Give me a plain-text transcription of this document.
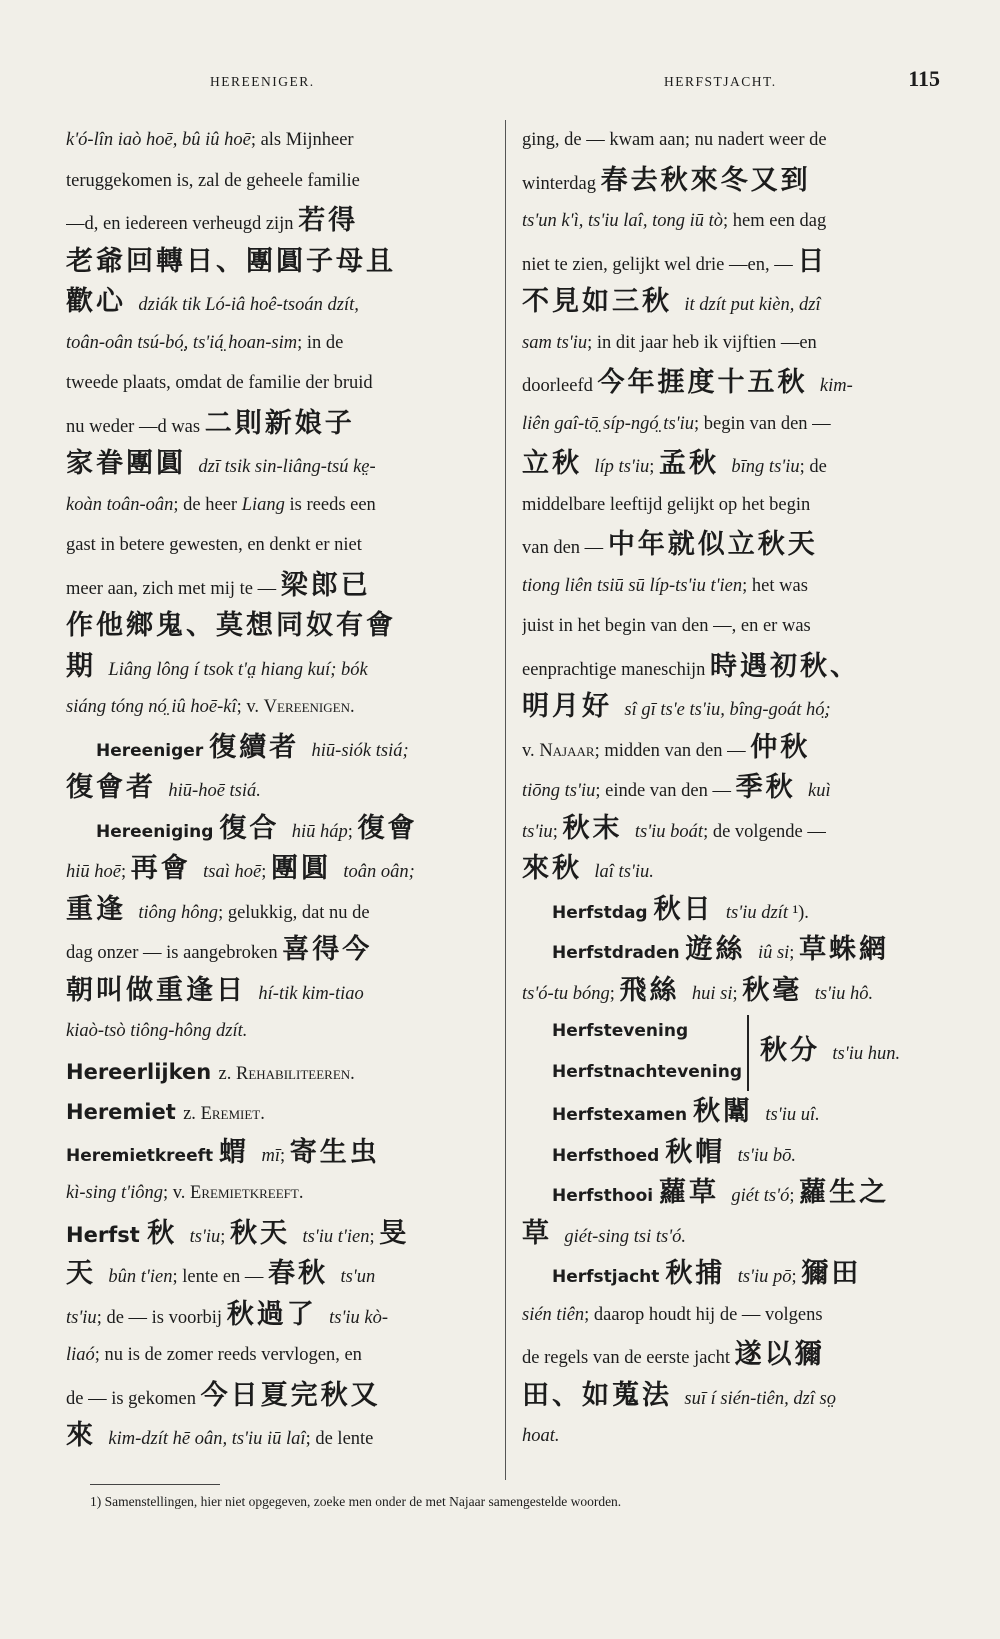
HEREENIGER.	HERFSTJACHT.	115
k'ó-lîn iaò hoē, bû iû hoē; als Mijnheer
teruggekomen is, zal de geheele familie
—d, en iedereen verheugd zijn 若得
老爺回轉日、團圓子母且
歡心 dziák tik Ló-iâ hoê-tsoán dzít,
toân-oân tsú-bó̤, ts'iá̤ hoan-sim; in de
tweede plaats, omdat de familie der bruid
nu weder —d was 二則新娘子
家眷團圓 dzī tsik sin-liâng-tsú ke̤-
koàn toân-oân; de heer Liang is reeds een
gast in betere gewesten, en denkt er niet
meer aan, zich met mij te — 梁郎已
作他鄉鬼、莫想同奴有會
期 Liâng lông í tsok t'a̤ hiang kuí; bók
siáng tóng nó̤ iû hoē-kî; v. Vereenigen.
Hereeniger 復續者 hiū-siók tsiá;
復會者 hiū-hoē tsiá.
Hereeniging 復合 hiū háp; 復會
hiū hoē; 再會 tsaì hoē; 團圓 toân oân;
重逢 tiông hông; gelukkig, dat nu de
dag onzer — is aangebroken 喜得今
朝叫做重逢日 hí-tik kim-tiao
kiaò-tsò tiông-hông dzít.
Hereerlijken z. Rehabiliteeren.
Heremiet z. Eremiet.
Heremietkreeft 蝟 mī; 寄生虫
kì-sing t'iông; v. Eremietkreeft.
Herfst 秋 ts'iu; 秋天 ts'iu t'ien; 旻
天 bûn t'ien; lente en — 春秋 ts'un
ts'iu; de — is voorbij 秋過了 ts'iu kò-
liaó; nu is de zomer reeds vervlogen, en
de — is gekomen 今日夏完秋又
來 kim-dzít hē oân, ts'iu iū laî; de lente
ging, de — kwam aan; nu nadert weer de
winterdag 春去秋來冬又到
ts'un k'ì, ts'iu laî, tong iū tò; hem een dag
niet te zien, gelijkt wel drie —en, — 日
不見如三秋 it dzít put kièn, dzî
sam ts'iu; in dit jaar heb ik vijftien —en
doorleefd 今年捱度十五秋 kim-
liên gaî-tō̤ síp-ngó̤ ts'iu; begin van den —
立秋 líp ts'iu; 孟秋 bīng ts'iu; de
middelbare leeftijd gelijkt op het begin
van den — 中年就似立秋天
tiong liên tsiū sū líp-ts'iu t'ien; het was
juist in het begin van den —, en er was
eenprachtige maneschijn 時遇初秋、
明月好 sî gī ts'e ts'iu, bîng-goát hó̤;
v. Najaar; midden van den — 仲秋
tiōng ts'iu; einde van den — 季秋 kuì
ts'iu; 秋末 ts'iu boát; de volgende —
來秋 laî ts'iu.
Herfstdag 秋日 ts'iu dzít ¹).
Herfstdraden 遊絲 iû si; 草蛛網
ts'ó-tu bóng; 飛絲 hui si; 秋毫 ts'iu hô.
Herfstevening
Herfstnachtevening
秋分 ts'iu hun.
Herfstexamen 秋闈 ts'iu uî.
Herfsthoed 秋帽 ts'iu bō.
Herfsthooi 蘿草 giét ts'ó; 蘿生之
草 giét-sing tsi ts'ó.
Herfstjacht 秋捕 ts'iu pō; 獮田
sién tiên; daarop houdt hij de — volgens
de regels van de eerste jacht 遂以獮
田、如蒐法 suī í sién-tiên, dzî so̤
hoat.
1) Samenstellingen, hier niet opgegeven, zoeke men onder de met Najaar samengestelde woorden.
